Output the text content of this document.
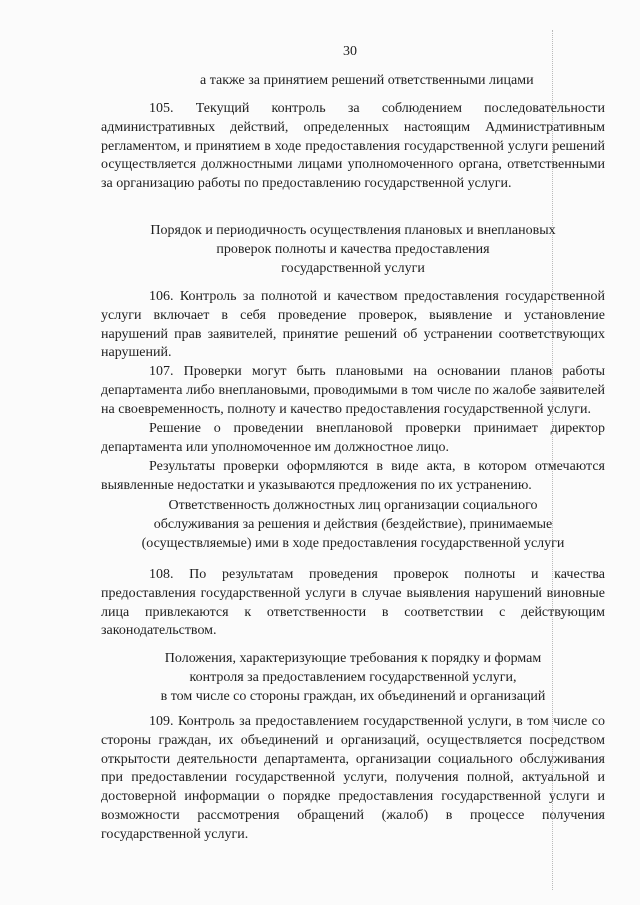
30
а также за принятием решений ответственными лицами
105. Текущий контроль за соблюдением последовательности административных действий, определенных настоящим Административным регламентом, и принятием в ходе предоставления государственной услуги решений осуществляется должностными лицами уполномоченного органа, ответственными за организацию работы по предоставлению государственной услуги.
Порядок и периодичность осуществления плановых и внеплановых
проверок полноты и качества предоставления
государственной услуги
106. Контроль за полнотой и качеством предоставления государственной услуги включает в себя проведение проверок, выявление и установление нарушений прав заявителей, принятие решений об устранении соответствующих нарушений.
107. Проверки могут быть плановыми на основании планов работы департамента либо внеплановыми, проводимыми в том числе по жалобе заявителей на своевременность, полноту и качество предоставления государственной услуги.
Решение о проведении внеплановой проверки принимает директор департамента или уполномоченное им должностное лицо.
Результаты проверки оформляются в виде акта, в котором отмечаются выявленные недостатки и указываются предложения по их устранению.
Ответственность должностных лиц организации социального
обслуживания за решения и действия (бездействие), принимаемые
(осуществляемые) ими в ходе предоставления государственной услуги
108. По результатам проведения проверок полноты и качества предоставления государственной услуги в случае выявления нарушений виновные лица привлекаются к ответственности в соответствии с действующим законодательством.
Положения, характеризующие требования к порядку и формам
контроля за предоставлением государственной услуги,
в том числе со стороны граждан, их объединений и организаций
109. Контроль за предоставлением государственной услуги, в том числе со стороны граждан, их объединений и организаций, осуществляется посредством открытости деятельности департамента, организации социального обслуживания при предоставлении государственной услуги, получения полной, актуальной и достоверной информации о порядке предоставления государственной услуги и возможности рассмотрения обращений (жалоб) в процессе получения государственной услуги.
